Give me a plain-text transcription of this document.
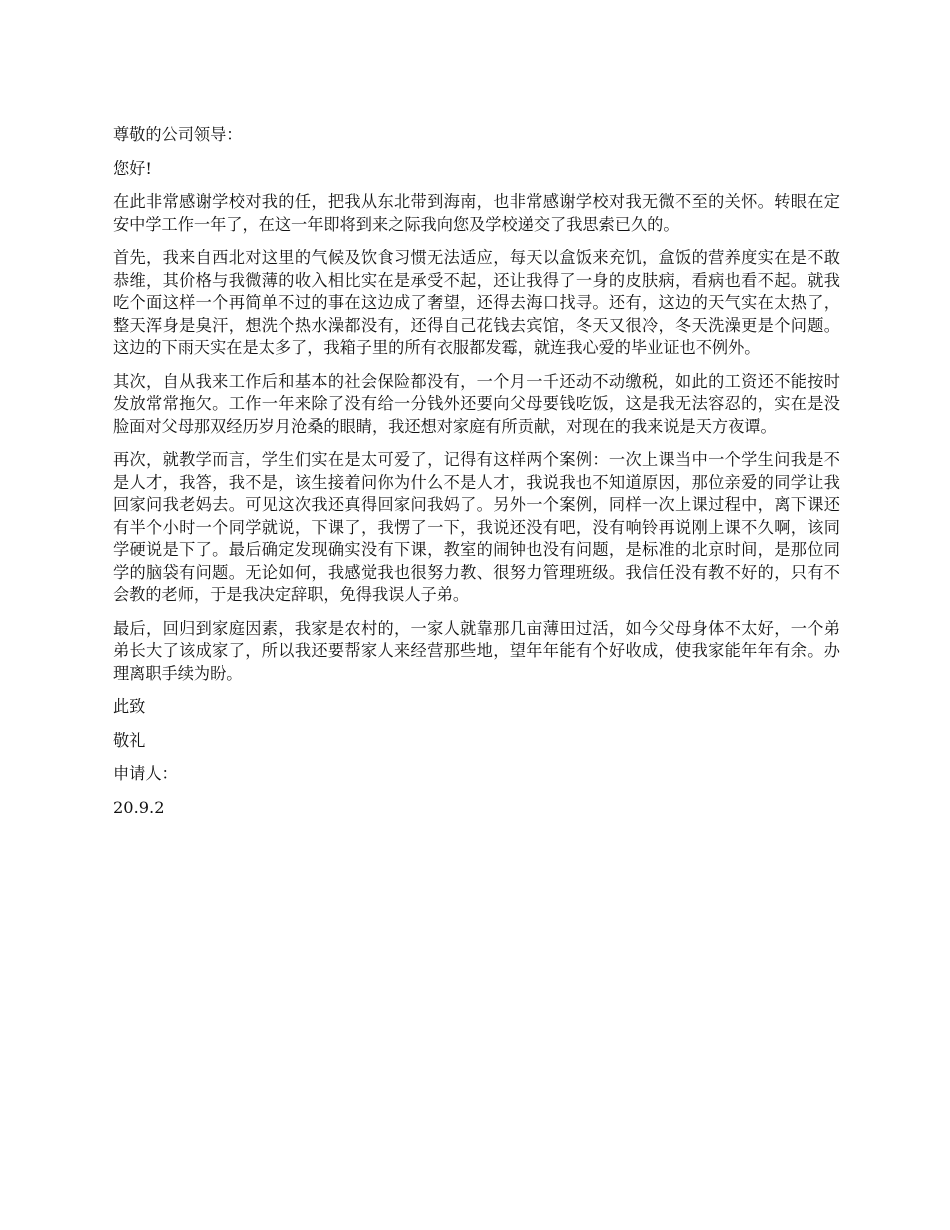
尊敬的公司领导：

您好!

在此非常感谢学校对我的任，把我从东北带到海南，也非常感谢学校对我无微不至的关怀。转眼在定安中学工作一年了，在这一年即将到来之际我向您及学校递交了我思索已久的。

首先，我来自西北对这里的气候及饮食习惯无法适应，每天以盒饭来充饥，盒饭的营养度实在是不敢恭维，其价格与我微薄的收入相比实在是承受不起，还让我得了一身的皮肤病，看病也看不起。就我吃个面这样一个再简单不过的事在这边成了奢望，还得去海口找寻。还有，这边的天气实在太热了，整天浑身是臭汗，想洗个热水澡都没有，还得自己花钱去宾馆，冬天又很冷，冬天洗澡更是个问题。这边的下雨天实在是太多了，我箱子里的所有衣服都发霉，就连我心爱的毕业证也不例外。

其次，自从我来工作后和基本的社会保险都没有，一个月一千还动不动缴税，如此的工资还不能按时发放常常拖欠。工作一年来除了没有给一分钱外还要向父母要钱吃饭，这是我无法容忍的，实在是没脸面对父母那双经历岁月沧桑的眼睛，我还想对家庭有所贡献，对现在的我来说是天方夜谭。

再次，就教学而言，学生们实在是太可爱了，记得有这样两个案例：一次上课当中一个学生问我是不是人才，我答，我不是，该生接着问你为什么不是人才，我说我也不知道原因，那位亲爱的同学让我回家问我老妈去。可见这次我还真得回家问我妈了。另外一个案例，同样一次上课过程中，离下课还有半个小时一个同学就说，下课了，我愣了一下，我说还没有吧，没有响铃再说刚上课不久啊，该同学硬说是下了。最后确定发现确实没有下课，教室的闹钟也没有问题，是标准的北京时间，是那位同学的脑袋有问题。无论如何，我感觉我也很努力教、很努力管理班级。我信任没有教不好的，只有不会教的老师，于是我决定辞职，免得我误人子弟。

最后，回归到家庭因素，我家是农村的，一家人就靠那几亩薄田过活，如今父母身体不太好，一个弟弟长大了该成家了，所以我还要帮家人来经营那些地，望年年能有个好收成，使我家能年年有余。办理离职手续为盼。

此致

敬礼

申请人：

20.9.2
